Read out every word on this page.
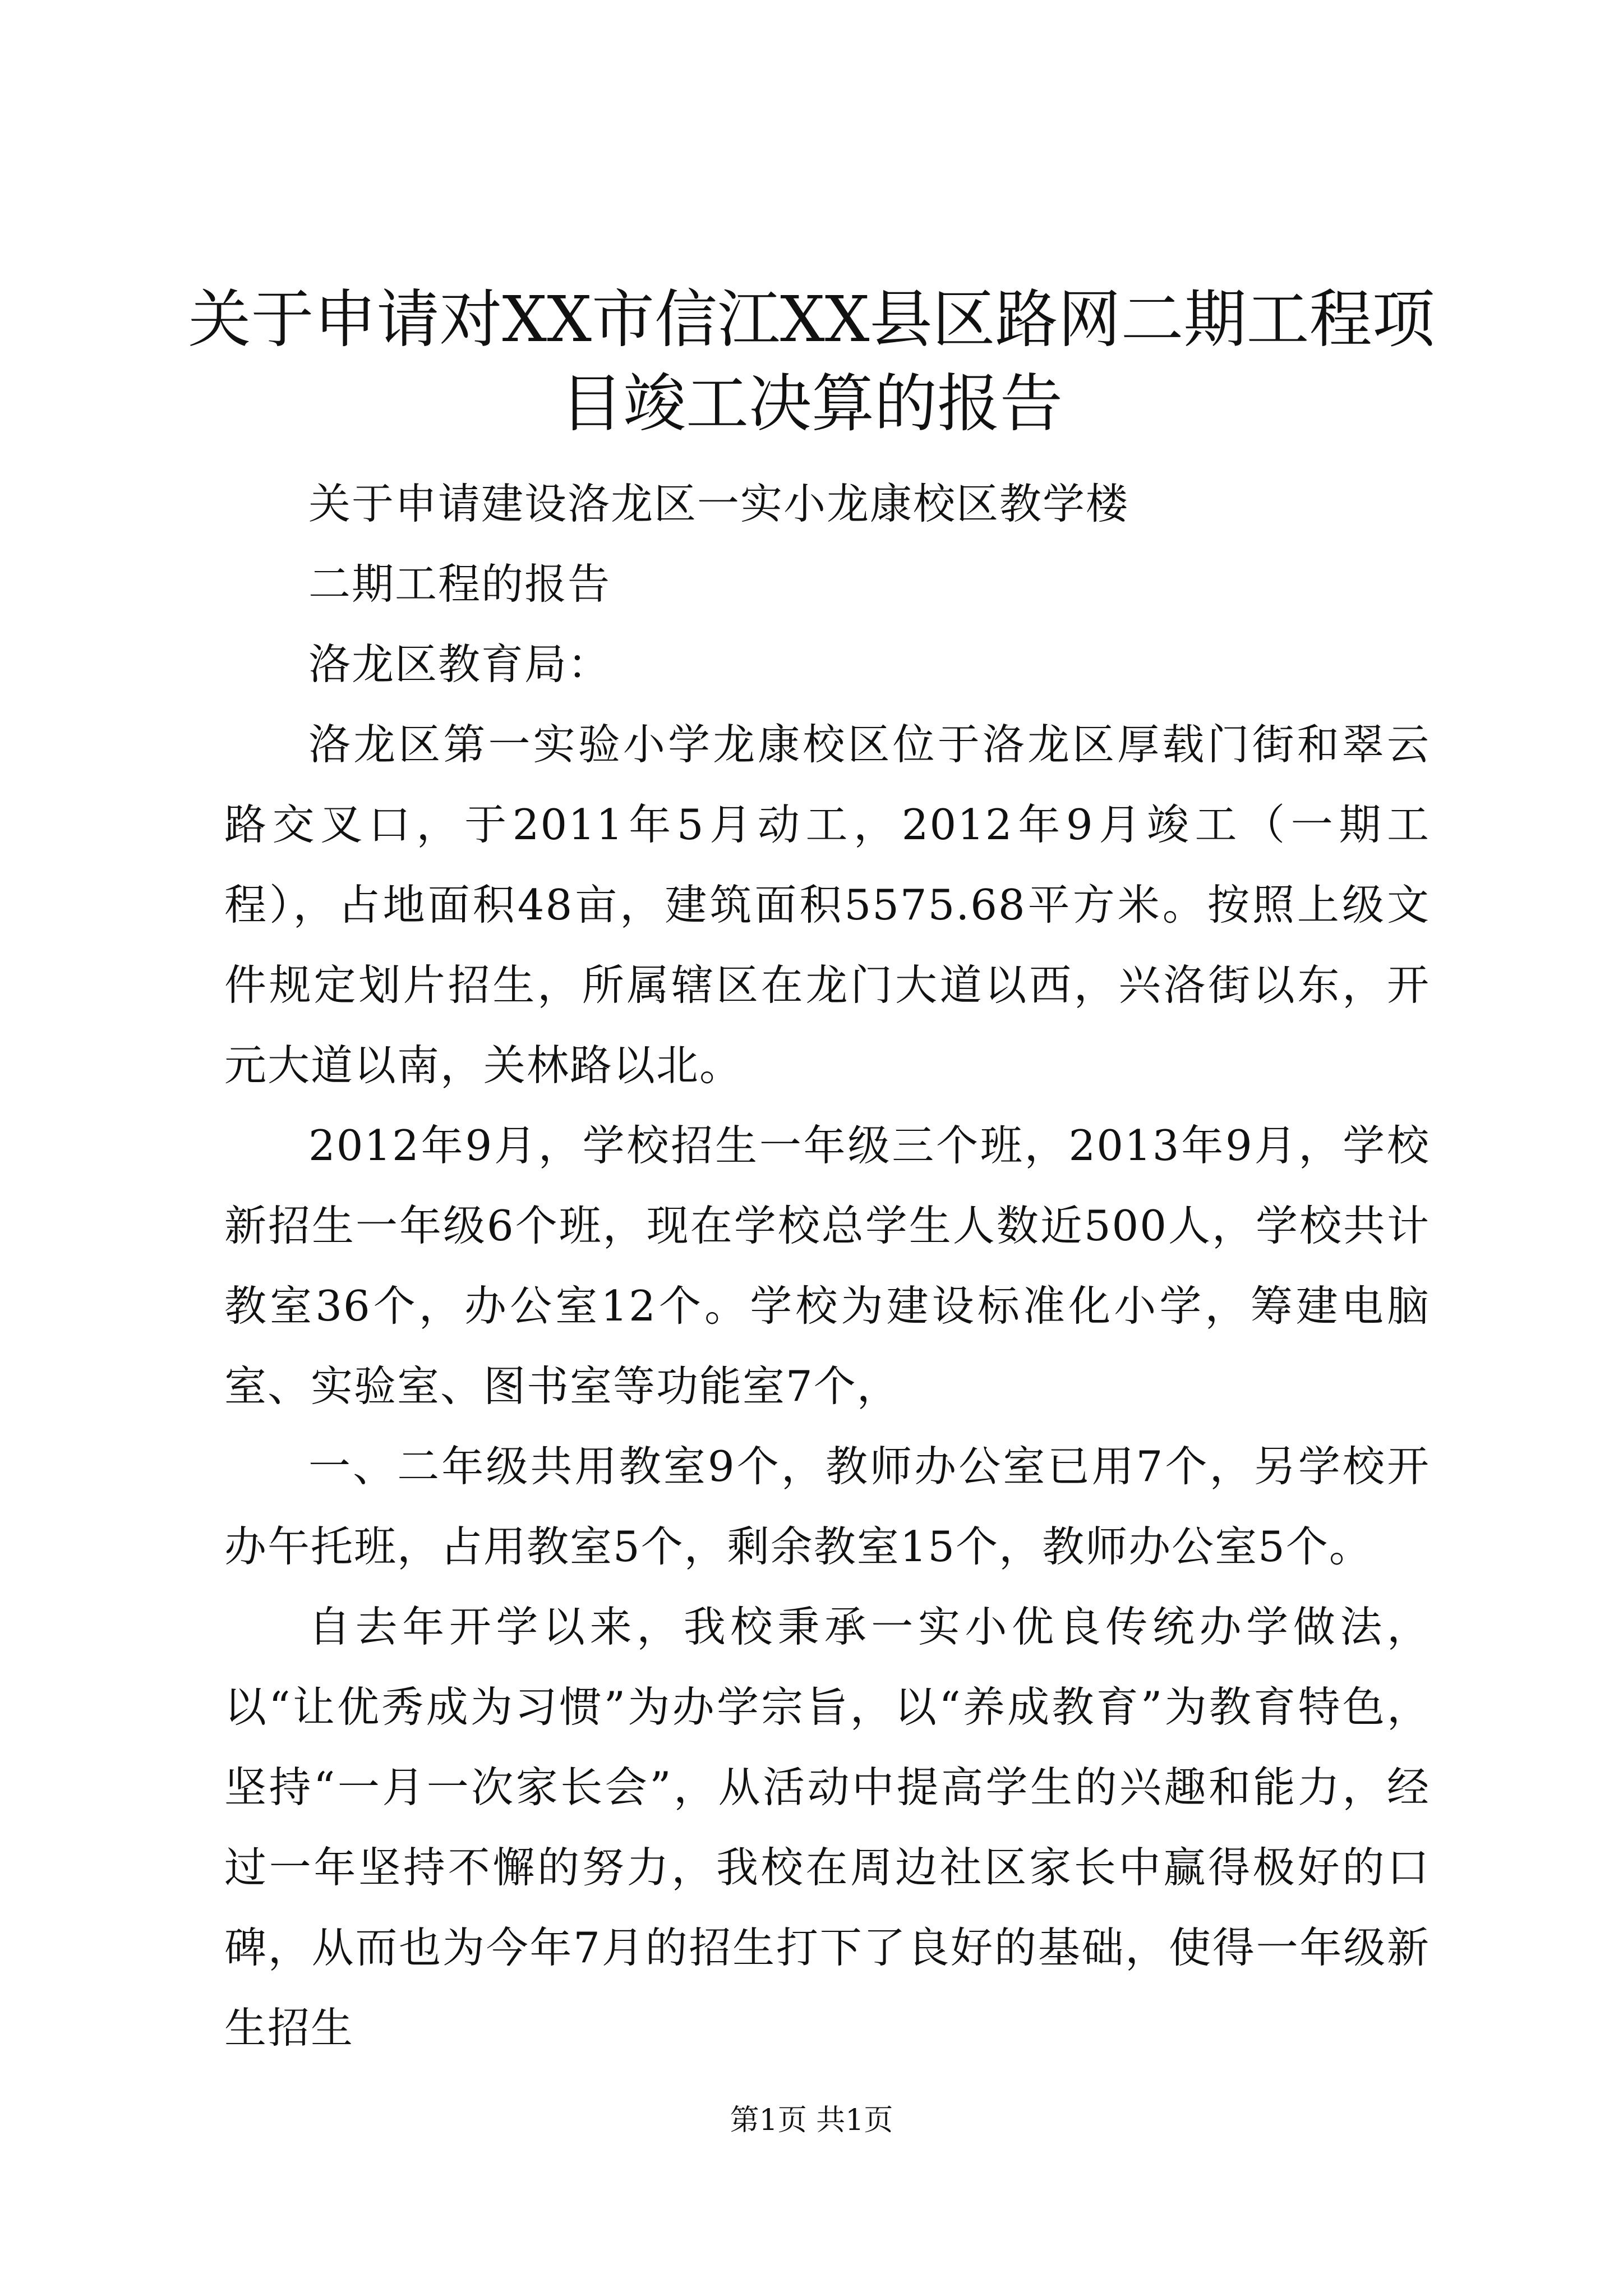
关于申请对XX市信江XX县区路网二期工程项目竣工决算的报告

关于申请建设洛龙区一实小龙康校区教学楼

二期工程的报告

洛龙区教育局：

洛龙区第一实验小学龙康校区位于洛龙区厚载门街和翠云路交叉口，于2011年5月动工，2012年9月竣工（一期工程），占地面积48亩，建筑面积5575.68平方米。按照上级文件规定划片招生，所属辖区在龙门大道以西，兴洛街以东，开元大道以南，关林路以北。

2012年9月，学校招生一年级三个班，2013年9月，学校新招生一年级6个班，现在学校总学生人数近500人，学校共计教室36个，办公室12个。学校为建设标准化小学，筹建电脑室、实验室、图书室等功能室7个，

一、二年级共用教室9个，教师办公室已用7个，另学校开办午托班，占用教室5个，剩余教室15个，教师办公室5个。

自去年开学以来，我校秉承一实小优良传统办学做法，以“让优秀成为习惯”为办学宗旨，以“养成教育”为教育特色，坚持“一月一次家长会”，从活动中提高学生的兴趣和能力，经过一年坚持不懈的努力，我校在周边社区家长中赢得极好的口碑，从而也为今年7月的招生打下了良好的基础，使得一年级新生招生

第1页 共1页
